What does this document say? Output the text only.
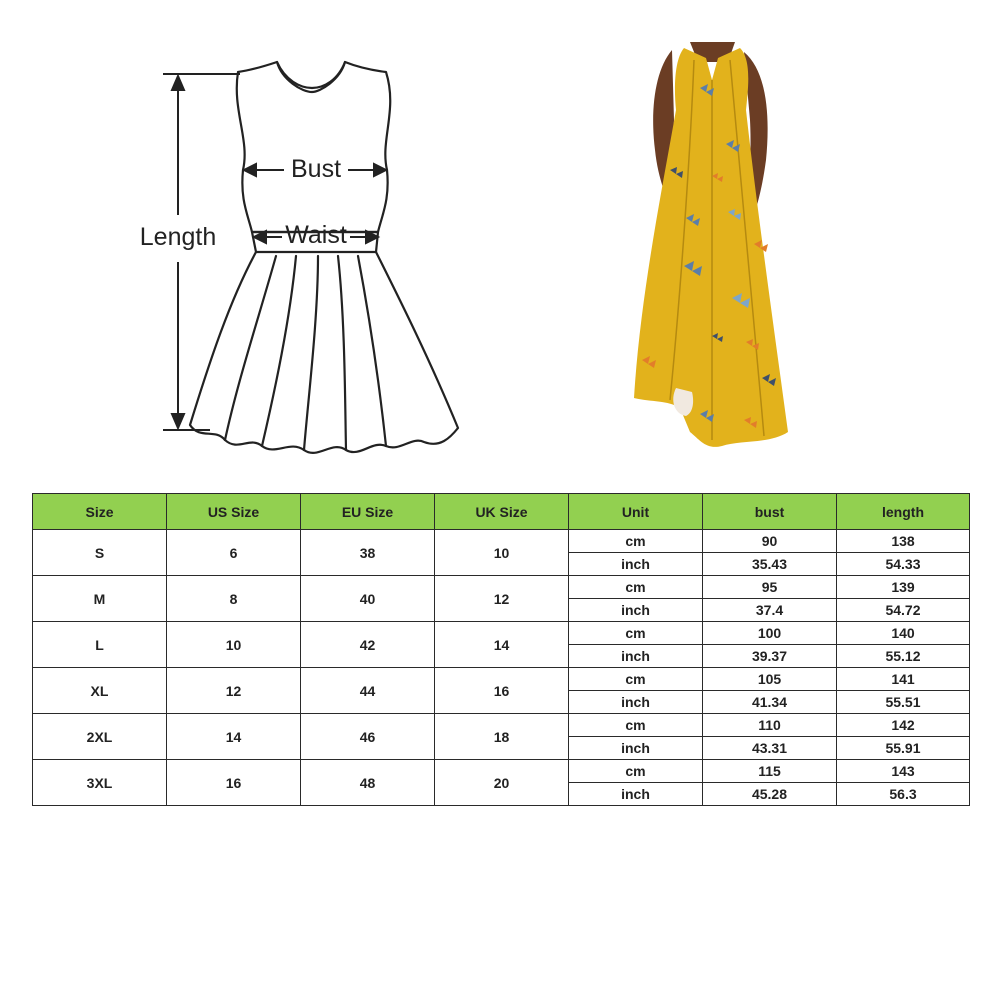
Bust
Waist
Length
Size	US Size	EU Size	UK Size	Unit	bust	length
S	6	38	10	cm	90	138
				inch	35.43	54.33
M	8	40	12	cm	95	139
				inch	37.4	54.72
L	10	42	14	cm	100	140
				inch	39.37	55.12
XL	12	44	16	cm	105	141
				inch	41.34	55.51
2XL	14	46	18	cm	110	142
				inch	43.31	55.91
3XL	16	48	20	cm	115	143
				inch	45.28	56.3
